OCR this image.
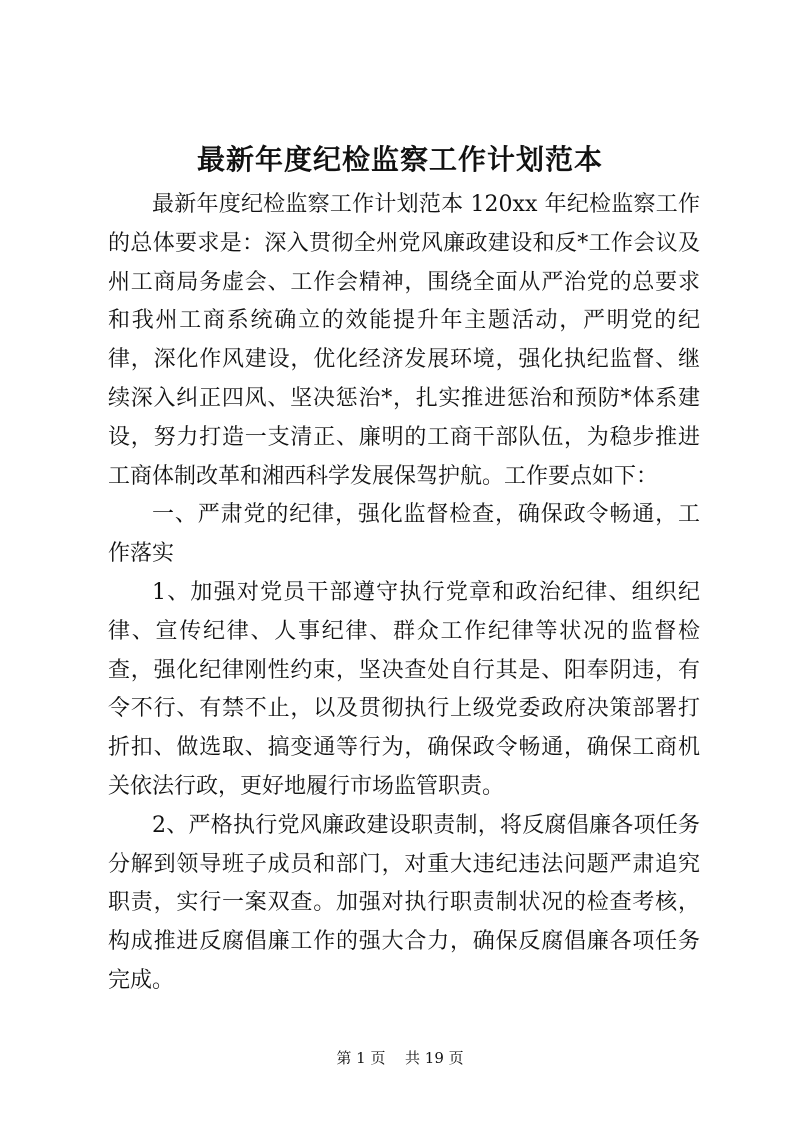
最新年度纪检监察工作计划范本

最新年度纪检监察工作计划范本 120xx 年纪检监察工作的总体要求是：深入贯彻全州党风廉政建设和反*工作会议及州工商局务虚会、工作会精神，围绕全面从严治党的总要求和我州工商系统确立的效能提升年主题活动，严明党的纪律，深化作风建设，优化经济发展环境，强化执纪监督、继续深入纠正四风、坚决惩治*，扎实推进惩治和预防*体系建设，努力打造一支清正、廉明的工商干部队伍，为稳步推进工商体制改革和湘西科学发展保驾护航。工作要点如下：

一、严肃党的纪律，强化监督检查，确保政令畅通，工作落实

1、加强对党员干部遵守执行党章和政治纪律、组织纪律、宣传纪律、人事纪律、群众工作纪律等状况的监督检查，强化纪律刚性约束，坚决查处自行其是、阳奉阴违，有令不行、有禁不止，以及贯彻执行上级党委政府决策部署打折扣、做选取、搞变通等行为，确保政令畅通，确保工商机关依法行政，更好地履行市场监管职责。

2、严格执行党风廉政建设职责制，将反腐倡廉各项任务分解到领导班子成员和部门，对重大违纪违法问题严肃追究职责，实行一案双查。加强对执行职责制状况的检查考核，构成推进反腐倡廉工作的强大合力，确保反腐倡廉各项任务完成。

第 1 页 共 19 页
